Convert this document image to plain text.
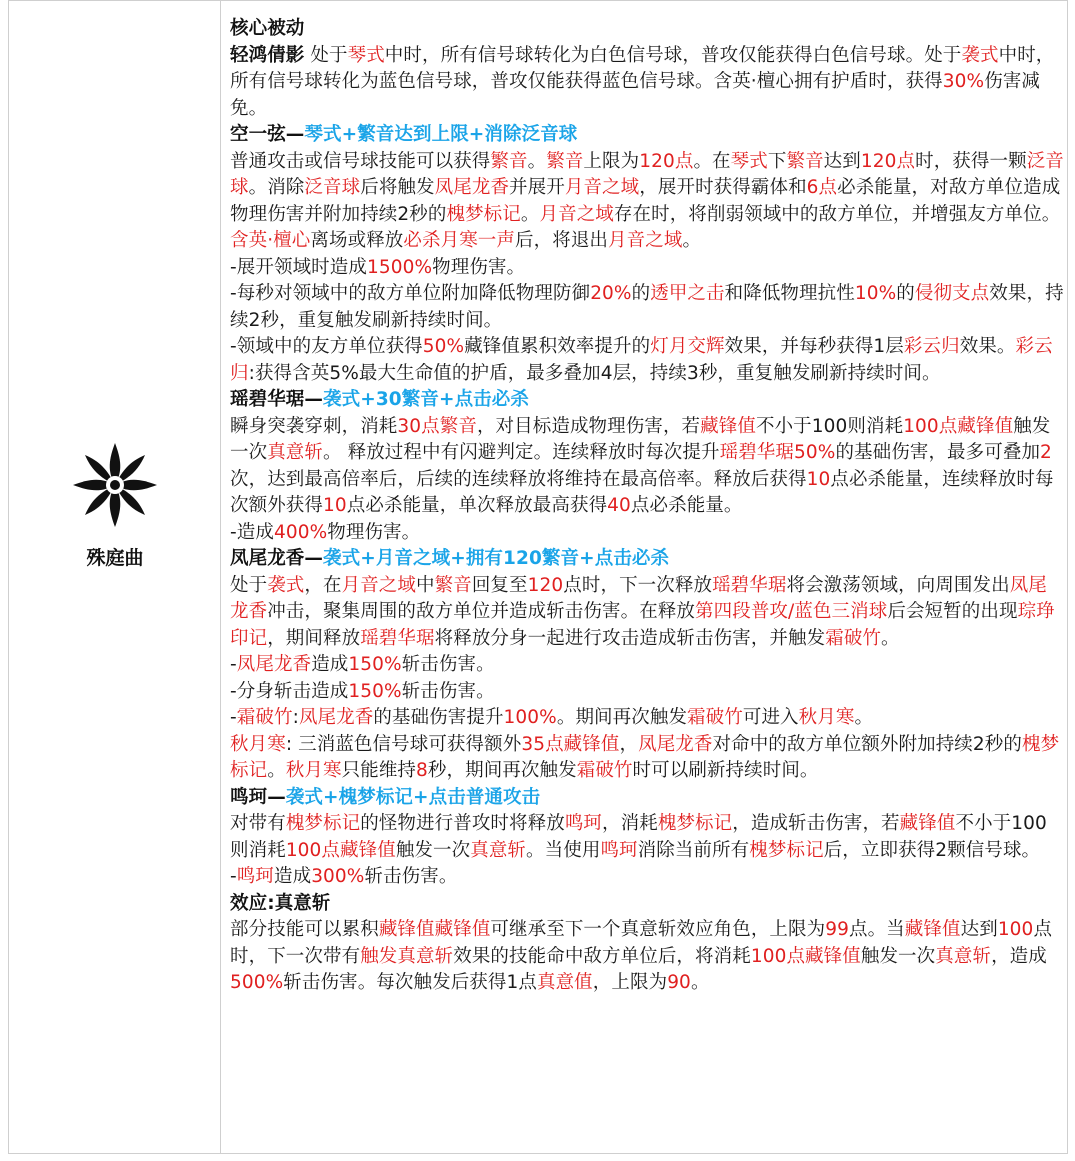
殊庭曲

核心被动

轻鸿倩影 处于琴式中时，所有信号球转化为白色信号球，普攻仅能获得白色信号球。处于袭式中时，所有信号球转化为蓝色信号球，普攻仅能获得蓝色信号球。含英·檀心拥有护盾时，获得30%伤害减免。

空一弦—琴式+繁音达到上限+消除泛音球

普通攻击或信号球技能可以获得繁音。繁音上限为120点。在琴式下繁音达到120点时，获得一颗泛音球。消除泛音球后将触发凤尾龙香并展开月音之域，展开时获得霸体和6点必杀能量，对敌方单位造成物理伤害并附加持续2秒的槐梦标记。月音之域存在时，将削弱领域中的敌方单位，并增强友方单位。含英·檀心离场或释放必杀月寒一声后，将退出月音之域。

-展开领域时造成1500%物理伤害。

-每秒对领域中的敌方单位附加降低物理防御20%的透甲之击和降低物理抗性10%的侵彻支点效果，持续2秒，重复触发刷新持续时间。

-领域中的友方单位获得50%藏锋值累积效率提升的灯月交辉效果，并每秒获得1层彩云归效果。彩云归:获得含英5%最大生命值的护盾，最多叠加4层，持续3秒，重复触发刷新持续时间。

瑶碧华琚—袭式+30繁音+点击必杀

瞬身突袭穿刺，消耗30点繁音，对目标造成物理伤害，若藏锋值不小于100则消耗100点藏锋值触发一次真意斩。 释放过程中有闪避判定。连续释放时每次提升瑶碧华琚50%的基础伤害，最多可叠加2次，达到最高倍率后，后续的连续释放将维持在最高倍率。释放后获得10点必杀能量，连续释放时每次额外获得10点必杀能量，单次释放最高获得40点必杀能量。

-造成400%物理伤害。

凤尾龙香—袭式+月音之域+拥有120繁音+点击必杀

处于袭式，在月音之域中繁音回复至120点时，下一次释放瑶碧华琚将会激荡领域，向周围发出凤尾龙香冲击，聚集周围的敌方单位并造成斩击伤害。在释放第四段普攻/蓝色三消球后会短暂的出现琮琤印记，期间释放瑶碧华琚将释放分身一起进行攻击造成斩击伤害，并触发霜破竹。

-凤尾龙香造成150%斩击伤害。

-分身斩击造成150%斩击伤害。

-霜破竹:凤尾龙香的基础伤害提升100%。期间再次触发霜破竹可进入秋月寒。

秋月寒: 三消蓝色信号球可获得额外35点藏锋值，凤尾龙香对命中的敌方单位额外附加持续2秒的槐梦标记。秋月寒只能维持8秒，期间再次触发霜破竹时可以刷新持续时间。

鸣珂—袭式+槐梦标记+点击普通攻击

对带有槐梦标记的怪物进行普攻时将释放鸣珂，消耗槐梦标记，造成斩击伤害，若藏锋值不小于100则消耗100点藏锋值触发一次真意斩。当使用鸣珂消除当前所有槐梦标记后，立即获得2颗信号球。

-鸣珂造成300%斩击伤害。

效应:真意斩

部分技能可以累积藏锋值藏锋值可继承至下一个真意斩效应角色，上限为99点。当藏锋值达到100点时，下一次带有触发真意斩效果的技能命中敌方单位后，将消耗100点藏锋值触发一次真意斩，造成500%斩击伤害。每次触发后获得1点真意值，上限为90。
